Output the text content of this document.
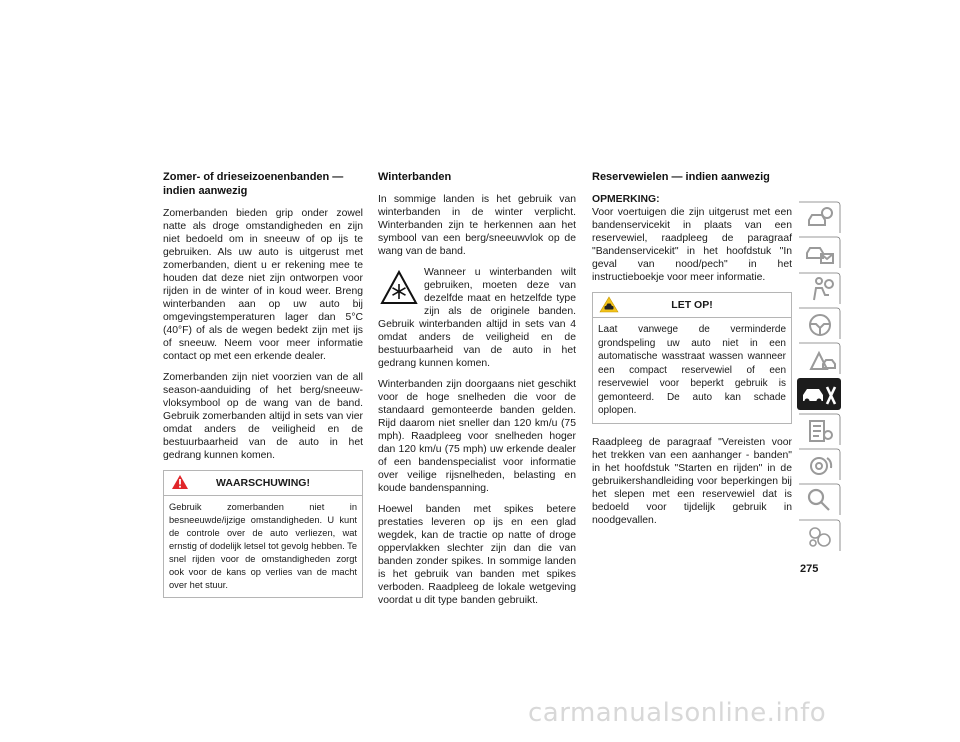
Zomer- of drieseizoenenbanden — indien aanwezig

Zomerbanden bieden grip onder zowel natte als droge omstandigheden en zijn niet bedoeld om in sneeuw of op ijs te gebruiken. Als uw auto is uitgerust met zomerbanden, dient u er rekening mee te houden dat deze niet zijn ontworpen voor rijden in de winter of in koud weer. Breng winterbanden aan op uw auto bij omgevingstemperaturen lager dan 5°C (40°F) of als de wegen bedekt zijn met ijs of sneeuw. Neem voor meer informatie contact op met een erkende dealer.

Zomerbanden zijn niet voorzien van de all season-aanduiding of het berg/sneeuw-vloksymbool op de wang van de band. Gebruik zomerbanden altijd in sets van vier omdat anders de veiligheid en de bestuurbaarheid van de auto in het gedrang kunnen komen.

WAARSCHUWING!
Gebruik zomerbanden niet in besneeuwde/ijzige omstandigheden. U kunt de controle over de auto verliezen, wat ernstig of dodelijk letsel tot gevolg hebben. Te snel rijden voor de omstandigheden zorgt ook voor de kans op verlies van de macht over het stuur.
Winterbanden

In sommige landen is het gebruik van winterbanden in de winter verplicht. Winterbanden zijn te herkennen aan het symbool van een berg/sneeuwvlok op de wang van de band.

Wanneer u winterbanden wilt gebruiken, moeten deze van dezelfde maat en hetzelfde type zijn als de originele banden. Gebruik winterbanden altijd in sets van 4 omdat anders de veiligheid en de bestuurbaarheid van de auto in het gedrang kunnen komen.

Winterbanden zijn doorgaans niet geschikt voor de hoge snelheden die voor de standaard gemonteerde banden gelden. Rijd daarom niet sneller dan 120 km/u (75 mph). Raadpleeg voor snelheden hoger dan 120 km/u (75 mph) uw erkende dealer of een bandenspecialist voor informatie over veilige rijsnelheden, belasting en koude bandenspanning.

Hoewel banden met spikes betere prestaties leveren op ijs en een glad wegdek, kan de tractie op natte of droge oppervlakken slechter zijn dan die van banden zonder spikes. In sommige landen is het gebruik van banden met spikes verboden. Raadpleeg de lokale wetgeving voordat u dit type banden gebruikt.

Reservewielen — indien aanwezig

OPMERKING:
Voor voertuigen die zijn uitgerust met een bandenservicekit in plaats van een reservewiel, raadpleeg de paragraaf "Bandenservicekit" in het hoofdstuk "In geval van nood/pech" in het instructieboekje voor meer informatie.

LET OP!
Laat vanwege de verminderde grondspeling uw auto niet in een automatische wasstraat wassen wanneer een compact reservewiel of een reservewiel voor beperkt gebruik is gemonteerd. De auto kan schade oplopen.

Raadpleeg de paragraaf "Vereisten voor het trekken van een aanhanger - banden" in het hoofdstuk "Starten en rijden" in de gebruikershandleiding voor beperkingen bij het slepen met een reservewiel dat is bedoeld voor tijdelijk gebruik in noodgevallen.

275
carmanualsonline.info
